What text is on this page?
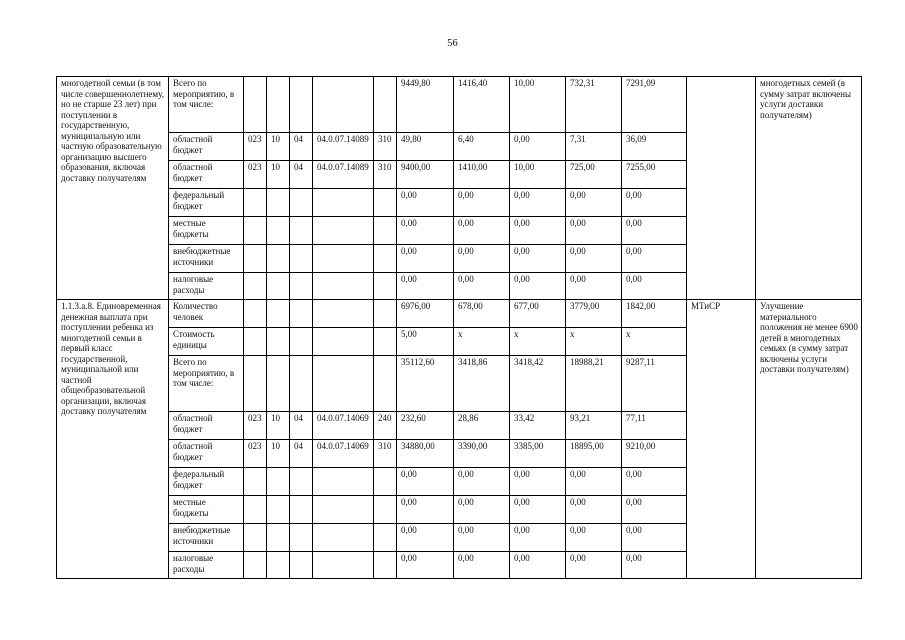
56
многодетной семьи (в том числе совершеннолетнему, но не старше 23 лет) при поступлении в государственную, муниципальную или частную образовательную организацию высшего образования, включая доставку получателям	Всего по мероприятию, в том числе:						9449,80	1416,40	10,00	732,31	7291,09		многодетных семей (в сумму затрат включены услуги доставки получателям)
	областной бюджет	023	10	04	04.0.07.14089	310	49,80	6,40	0,00	7,31	36,09		
	областной бюджет	023	10	04	04.0.07.14089	310	9400,00	1410,00	10,00	725,00	7255,00		
	федеральный бюджет						0,00	0,00	0,00	0,00	0,00		
	местные бюджеты						0,00	0,00	0,00	0,00	0,00		
	внебюджетные источники						0,00	0,00	0,00	0,00	0,00		
	налоговые расходы						0,00	0,00	0,00	0,00	0,00		
1.1.3.a.8. Единовременная денежная выплата при поступлении ребенка из многодетной семьи в первый класс государственной, муниципальной или частной общеобразовательной организации, включая доставку получателям	Количество человек						6976,00	678,00	677,00	3779,00	1842,00	МТиСР	Улучшение материального положения не менее 6900 детей в многодетных семьях (в сумму затрат включены услуги доставки получателям)
	Стоимость единицы						5,00	x	x	x	x		
	Всего по мероприятию, в том числе:						35112,60	3418,86	3418,42	18988,21	9287,11		
	областной бюджет	023	10	04	04.0.07.14069	240	232,60	28,86	33,42	93,21	77,11		
	областной бюджет	023	10	04	04.0.07.14069	310	34880,00	3390,00	3385,00	18895,00	9210,00		
	федеральный бюджет						0,00	0,00	0,00	0,00	0,00		
	местные бюджеты						0,00	0,00	0,00	0,00	0,00		
	внебюджетные источники						0,00	0,00	0,00	0,00	0,00		
	налоговые расходы						0,00	0,00	0,00	0,00	0,00		
